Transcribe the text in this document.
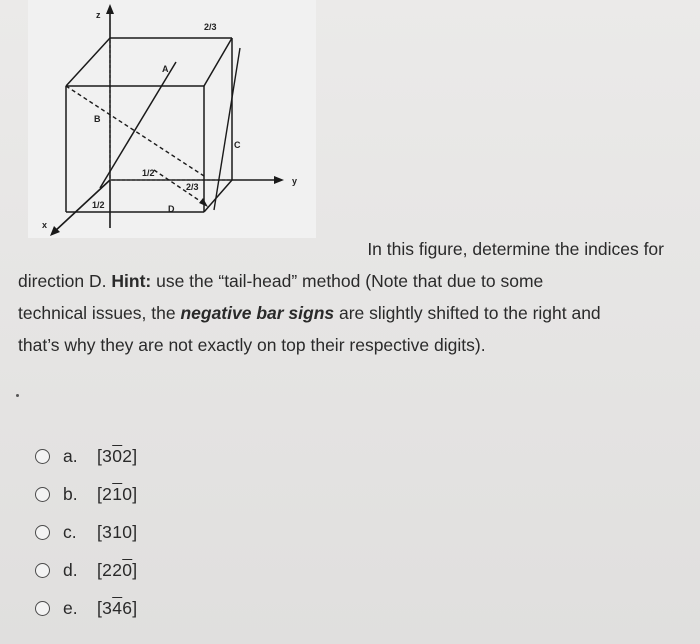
z
y
x
2/3
A
B
C
1/2
2/3
1/2	D
In this figure, determine the indices for
direction D. Hint: use the “tail-head” method (Note that due to some
technical issues, the negative bar signs are slightly shifted to the right and
that’s why they are not exactly on top their respective digits).
a.	[302]
b.	[210]
c.	[310]
d.	[220]
e.	[346]
